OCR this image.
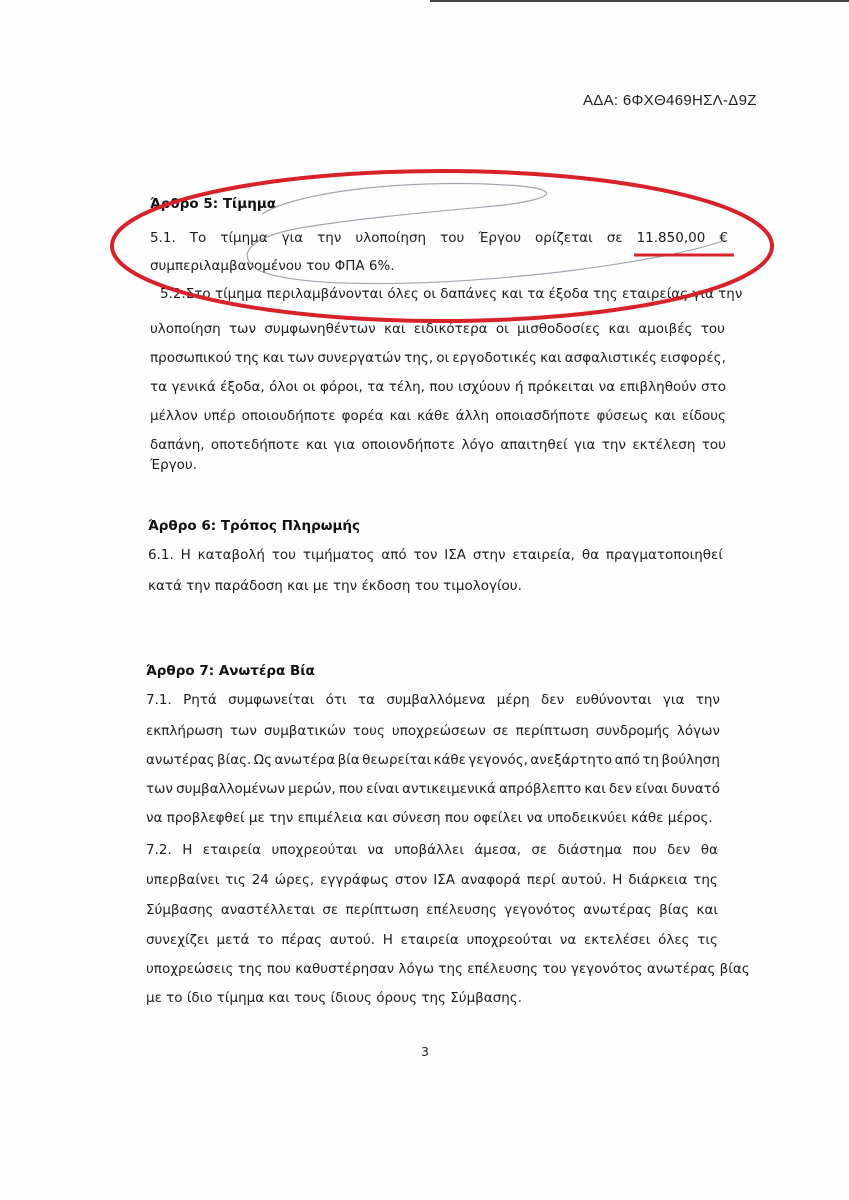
ΑΔΑ: 6ΦΧΘ469ΗΣΛ-Δ9Ζ
Άρθρο 5: Τίμημα
5.1. Το τίμημα για την υλοποίηση του Έργου ορίζεται σε 11.850,00 €
συμπεριλαμβανομένου του ΦΠΑ 6%.
5.2. Στο τίμημα περιλαμβάνονται όλες οι δαπάνες και τα έξοδα της εταιρείας για την
υλοποίηση των συμφωνηθέντων και ειδικότερα οι μισθοδοσίες και αμοιβές του
προσωπικού της και των συνεργατών της, οι εργοδοτικές και ασφαλιστικές εισφορές,
τα γενικά έξοδα, όλοι οι φόροι, τα τέλη, που ισχύουν ή πρόκειται να επιβληθούν στο
μέλλον υπέρ οποιουδήποτε φορέα και κάθε άλλη οποιασδήποτε φύσεως και είδους
δαπάνη, οποτεδήποτε και για οποιονδήποτε λόγο απαιτηθεί για την εκτέλεση του
Έργου.
Άρθρο 6: Τρόπος Πληρωμής
6.1. Η καταβολή του τιμήματος από τον ΙΣΑ στην εταιρεία, θα πραγματοποιηθεί
κατά την παράδοση και με την έκδοση του τιμολογίου.
Άρθρο 7: Ανωτέρα Βία
7.1. Ρητά συμφωνείται ότι τα συμβαλλόμενα μέρη δεν ευθύνονται για την
εκπλήρωση των συμβατικών τους υποχρεώσεων σε περίπτωση συνδρομής λόγων
ανωτέρας βίας. Ως ανωτέρα βία θεωρείται κάθε γεγονός, ανεξάρτητο από τη βούληση
των συμβαλλομένων μερών, που είναι αντικειμενικά απρόβλεπτο και δεν είναι δυνατό
να προβλεφθεί με την επιμέλεια και σύνεση που οφείλει να υποδεικνύει κάθε μέρος.
7.2. Η εταιρεία υποχρεούται να υποβάλλει άμεσα, σε διάστημα που δεν θα
υπερβαίνει τις 24 ώρες, εγγράφως στον ΙΣΑ αναφορά περί αυτού. Η διάρκεια της
Σύμβασης αναστέλλεται σε περίπτωση επέλευσης γεγονότος ανωτέρας βίας και
συνεχίζει μετά το πέρας αυτού. Η εταιρεία υποχρεούται να εκτελέσει όλες τις
υποχρεώσεις της που καθυστέρησαν λόγω της επέλευσης του γεγονότος ανωτέρας βίας
με το ίδιο τίμημα και τους ίδιους όρους της Σύμβασης.
3
